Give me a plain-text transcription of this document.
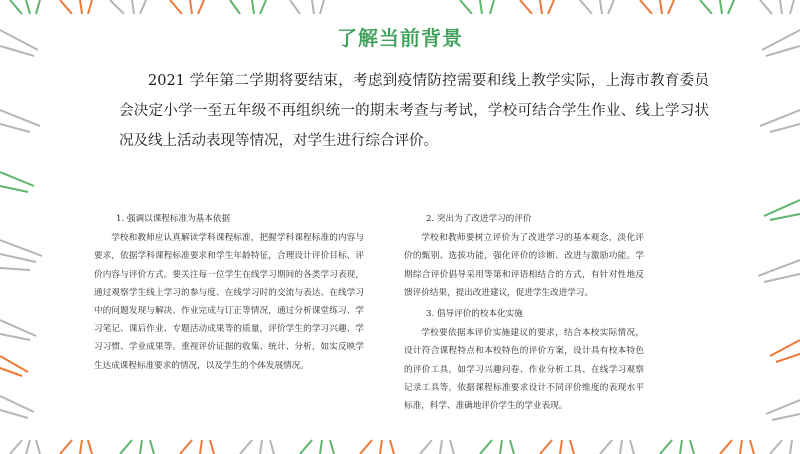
了解当前背景
2021 学年第二学期将要结束，考虑到疫情防控需要和线上教学实际，上海市教育委员会决定小学一至五年级不再组织统一的期末考查与考试，学校可结合学生作业、线上学习状况及线上活动表现等情况，对学生进行综合评价。
1. 强调以课程标准为基本依据
学校和教师应认真解读学科课程标准，把握学科课程标准的内容与要求，依据学科课程标准要求和学生年龄特征，合理设计评价目标、评价内容与评价方式。要关注每一位学生在线学习期间的各类学习表现，通过观察学生线上学习的参与度、在线学习时的交流与表达、在线学习中的问题发现与解决、作业完成与订正等情况，通过分析课堂练习、学习笔记、课后作业、专题活动成果等的质量，评价学生的学习兴趣、学习习惯、学业成果等。重视评价证据的收集、统计、分析，如实反映学生达成课程标准要求的情况，以及学生的个体发展情况。
2. 突出为了改进学习的评价
学校和教师要树立评价为了改进学习的基本观念，淡化评价的甄别、选拔功能，强化评价的诊断、改进与激励功能。学期综合评价倡导采用等第和评语相结合的方式，有针对性地反馈评价结果，提出改进建议，促进学生改进学习。
3. 倡导评价的校本化实施
学校要依据本评价实施建议的要求，结合本校实际情况，设计符合课程特点和本校特色的评价方案，设计具有校本特色的评价工具，如学习兴趣问卷、作业分析工具、在线学习观察记录工具等，依据课程标准要求设计不同评价维度的表现水平标准，科学、准确地评价学生的学业表现。
